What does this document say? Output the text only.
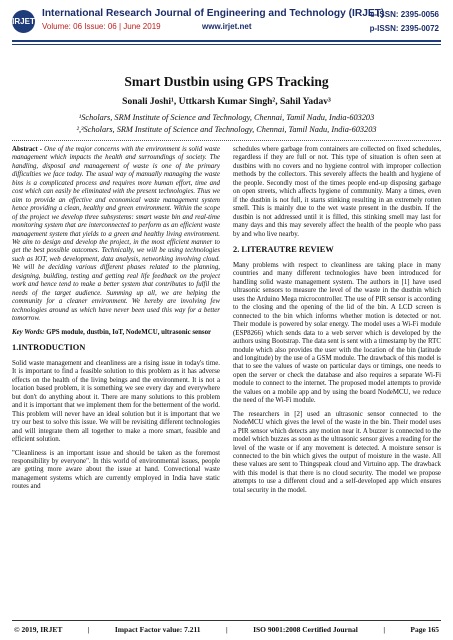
IRJET
International Research Journal of Engineering and Technology (IRJET)
Volume: 06 Issue: 06 | June 2019	www.irjet.net
e-ISSN: 2395-0056
p-ISSN: 2395-0072
Smart Dustbin using GPS Tracking
Sonali Joshi¹, Uttkarsh Kumar Singh², Sahil Yadav³
¹Scholars, SRM Institute of Science and Technology, Chennai, Tamil Nadu, India-603203
²,³Scholars, SRM Institute of Science and Technology, Chennai, Tamil Nadu, India-603203

Abstract - One of the major concerns with the environment is solid waste management which impacts the health and surroundings of society. The handling, disposal and management of waste is one of the primary difficulties we face today. The usual way of manually managing the waste bins is a complicated process and requires more human effort, time and cost which can easily be eliminated with the present technologies. Thus we aim to provide an effective and economical waste management system hence providing a clean, healthy and green environment. Within the scope of the project we develop three subsystems: smart waste bin and real-time monitoring system that are interconnected to perform as an efficient waste management system that yields to a green and healthy living environment. We aim to design and develop the project, in the most efficient manner to get the best possible outcomes. Technically, we will be using technologies such as IOT, web development, data analysis, networking involving cloud. We will be deciding various different phases related to the planning, designing, building, testing and getting real life feedback on the project work and hence tend to make a better system that contributes to fulfil the needs of the target audience. Summing up all, we are helping the community for a cleaner environment. We hereby are involving few technologies around us which have never been used this way for a better tomorrow.

Key Words: GPS module, dustbin, IoT, NodeMCU, ultrasonic sensor

1.INTRODUCTION

Solid waste management and cleanliness are a rising issue in today's time. It is important to find a feasible solution to this problem as it has adverse effects on the health of the living beings and the environment. It is not a location based problem, it is something we see every day and everywhere but don't do anything about it. There are many solutions to this problem and it is important that we implement them for the betterment of the world. This problem will never have an ideal solution but it is important that we try our best to solve this issue. We will be revisiting different technologies and will integrate them all together to make a more smart, feasible and efficient solution.

"Cleanliness is an important issue and should be taken as the foremost responsibility by everyone". In this world of environmental issues, people are getting more aware about the issue at hand. Convectional waste management systems which are currently employed in India have static routes and

schedules where garbage from containers are collected on fixed schedules, regardless if they are full or not. This type of situation is often seen at dustbins with no covers and no hygiene control with improper collection methods by the collectors. This severely affects the health and hygiene of the people. Secondly most of the times people end-up disposing garbage on open streets, which affects hygiene of community. Many a times, even if the dustbin is not full, it starts stinking resulting in an extremely rotten smell. This is mainly due to the wet waste present in the dustbin. If the dustbin is not addressed until it is filled, this stinking smell may last for many days and this may severely affect the health of the people who pass by and who live nearby.

2. LITERAUTRE REVIEW

Many problems with respect to cleanliness are taking place in many countries and many different technologies have been introduced for handling solid waste management system. The authors in [1] have used ultrasonic sensors to measure the level of the waste in the dustbin which uses the Arduino Mega microcontroller. The use of PIR sensor is according to the closing and the opening of the lid of the bin. A LCD screen is connected to the bin which informs whether motion is detected or not. Their module is powered by solar energy. The model uses a Wi-Fi module (ESP8266) which sends data to a web server which is developed by the authors using Bootstrap. The data sent is sent with a timestamp by the RTC module which also provides the user with the location of the bin (latitude and longitude) by the use of a GSM module. The drawback of this model is that to see the values of waste on particular days or timings, one needs to open the server or check the database and also requires a separate Wi-Fi module to connect to the internet. The proposed model attempts to provide the values on a mobile app and by using the board NodeMCU, we reduce the need of the Wi-Fi module.

The researchers in [2] used an ultrasonic sensor connected to the NodeMCU which gives the level of the waste in the bin. Their model uses a PIR sensor which detects any motion near it. A buzzer is connected to the model which buzzes as soon as the ultrasonic sensor gives a reading for the level of the waste or if any movement is detected. A moisture sensor is connected to the bin which gives the output of moisture in the waste. All these values are sent to Thingspeak cloud and Virtuino app. The drawback with this model is that there is no cloud security. The model we propose attempts to use a different cloud and a self-developed app which ensures total security in the model.

© 2019, IRJET	|	Impact Factor value: 7.211	|	ISO 9001:2008 Certified Journal	|	Page 165
